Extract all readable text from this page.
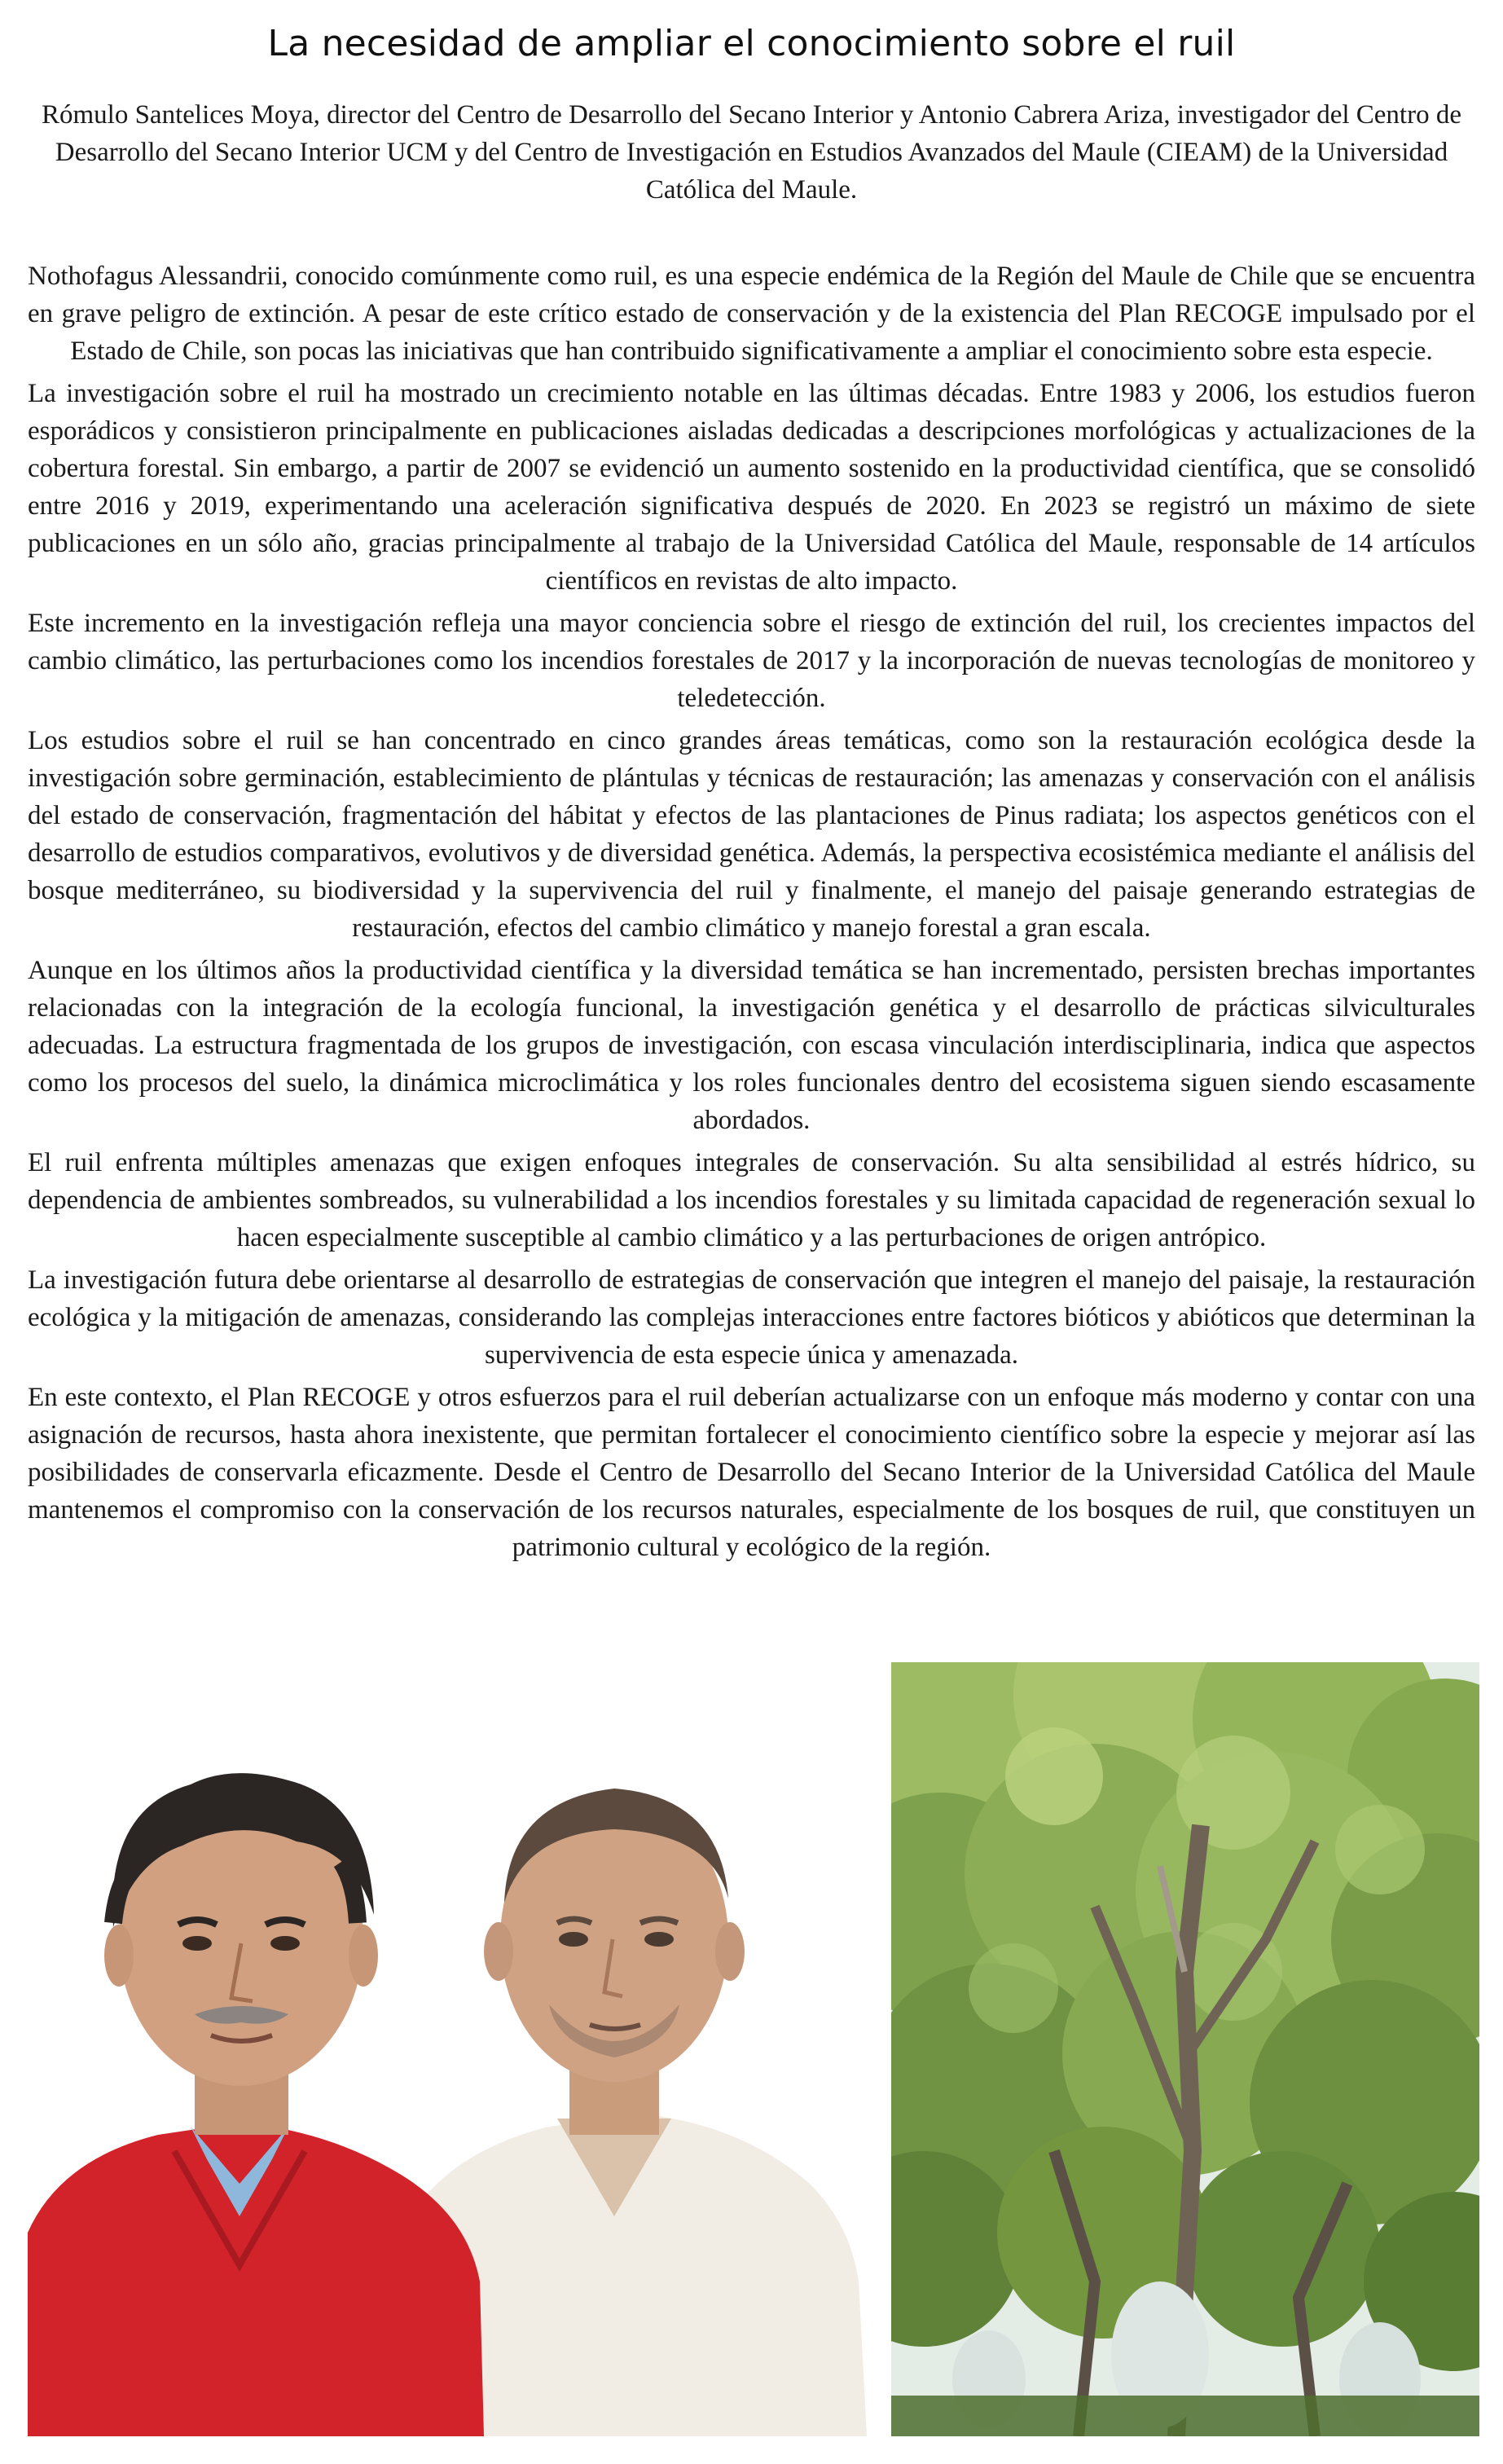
La necesidad de ampliar el conocimiento sobre el ruil

Rómulo Santelices Moya, director del Centro de Desarrollo del Secano Interior y Antonio Cabrera Ariza, investigador del Centro de Desarrollo del Secano Interior UCM y del Centro de Investigación en Estudios Avanzados del Maule (CIEAM) de la Universidad Católica del Maule.

Nothofagus Alessandrii, conocido comúnmente como ruil, es una especie endémica de la Región del Maule de Chile que se encuentra en grave peligro de extinción. A pesar de este crítico estado de conservación y de la existencia del Plan RECOGE impulsado por el Estado de Chile, son pocas las iniciativas que han contribuido significativamente a ampliar el conocimiento sobre esta especie.

La investigación sobre el ruil ha mostrado un crecimiento notable en las últimas décadas. Entre 1983 y 2006, los estudios fueron esporádicos y consistieron principalmente en publicaciones aisladas dedicadas a descripciones morfológicas y actualizaciones de la cobertura forestal. Sin embargo, a partir de 2007 se evidenció un aumento sostenido en la productividad científica, que se consolidó entre 2016 y 2019, experimentando una aceleración significativa después de 2020. En 2023 se registró un máximo de siete publicaciones en un sólo año, gracias principalmente al trabajo de la Universidad Católica del Maule, responsable de 14 artículos científicos en revistas de alto impacto.

Este incremento en la investigación refleja una mayor conciencia sobre el riesgo de extinción del ruil, los crecientes impactos del cambio climático, las perturbaciones como los incendios forestales de 2017 y la incorporación de nuevas tecnologías de monitoreo y teledetección.

Los estudios sobre el ruil se han concentrado en cinco grandes áreas temáticas, como son la restauración ecológica desde la investigación sobre germinación, establecimiento de plántulas y técnicas de restauración; las amenazas y conservación con el análisis del estado de conservación, fragmentación del hábitat y efectos de las plantaciones de Pinus radiata; los aspectos genéticos con el desarrollo de estudios comparativos, evolutivos y de diversidad genética. Además, la perspectiva ecosistémica mediante el análisis del bosque mediterráneo, su biodiversidad y la supervivencia del ruil y finalmente, el manejo del paisaje generando estrategias de restauración, efectos del cambio climático y manejo forestal a gran escala.

Aunque en los últimos años la productividad científica y la diversidad temática se han incrementado, persisten brechas importantes relacionadas con la integración de la ecología funcional, la investigación genética y el desarrollo de prácticas silviculturales adecuadas. La estructura fragmentada de los grupos de investigación, con escasa vinculación interdisciplinaria, indica que aspectos como los procesos del suelo, la dinámica microclimática y los roles funcionales dentro del ecosistema siguen siendo escasamente abordados.

El ruil enfrenta múltiples amenazas que exigen enfoques integrales de conservación. Su alta sensibilidad al estrés hídrico, su dependencia de ambientes sombreados, su vulnerabilidad a los incendios forestales y su limitada capacidad de regeneración sexual lo hacen especialmente susceptible al cambio climático y a las perturbaciones de origen antrópico.

La investigación futura debe orientarse al desarrollo de estrategias de conservación que integren el manejo del paisaje, la restauración ecológica y la mitigación de amenazas, considerando las complejas interacciones entre factores bióticos y abióticos que determinan la supervivencia de esta especie única y amenazada.

En este contexto, el Plan RECOGE y otros esfuerzos para el ruil deberían actualizarse con un enfoque más moderno y contar con una asignación de recursos, hasta ahora inexistente, que permitan fortalecer el conocimiento científico sobre la especie y mejorar así las posibilidades de conservarla eficazmente. Desde el Centro de Desarrollo del Secano Interior de la Universidad Católica del Maule mantenemos el compromiso con la conservación de los recursos naturales, especialmente de los bosques de ruil, que constituyen un patrimonio cultural y ecológico de la región.
